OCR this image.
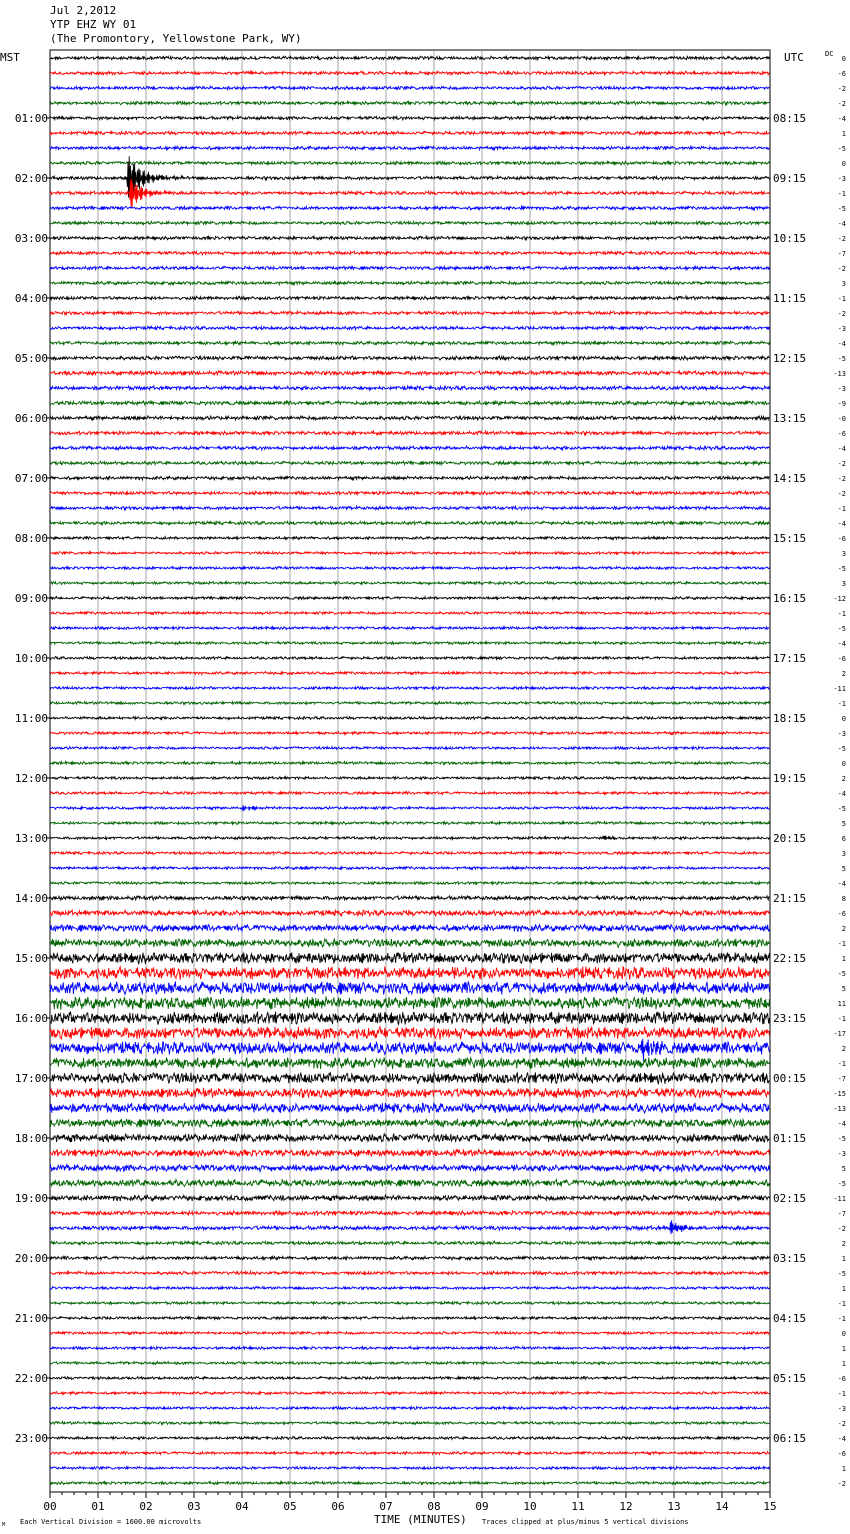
Jul 2,2012
YTP EHZ WY 01
(The Promontory, Yellowstone Park, WY)
MST	UTC	DC
TIME (MINUTES)
Each Vertical Division = 1600.00 microvolts	Traces clipped at plus/minus 5 vertical divisions
M
00	01	02	03	04	05	06	07	08	09	10	11	12	13	14	15
0
-6
-2
-2
-4
1
-5
0
-3
-1
-5
-4
-2
-7
-2
3
-1
-2
-3
-4
-5
-13
-3
-9
-0
-6
-4
-2
-2
-2
-1
-4
-6
3
-5
3
-12
-1
-5
-4
-6
2
-11
-1
0
-3
-5
0
2
-4
-5
5
6
3
5
-4
8
-6
2
-1
1
-5
5
11
-1
-17
2
-1
-7
-15
-13
-4
-5
-3
5
-5
-11
-7
-2
2
1
-5
1
-1
-1
0
1
1
-6
-1
-3
-2
-4
-6
1
-2
01:00
02:00
03:00
04:00
05:00
06:00
07:00
08:00
09:00
10:00
11:00
12:00
13:00
14:00
15:00
16:00
17:00
18:00
19:00
20:00
21:00
22:00
23:00
08:15
09:15
10:15
11:15
12:15
13:15
14:15
15:15
16:15
17:15
18:15
19:15
20:15
21:15
22:15
23:15
00:15
01:15
02:15
03:15
04:15
05:15
06:15
